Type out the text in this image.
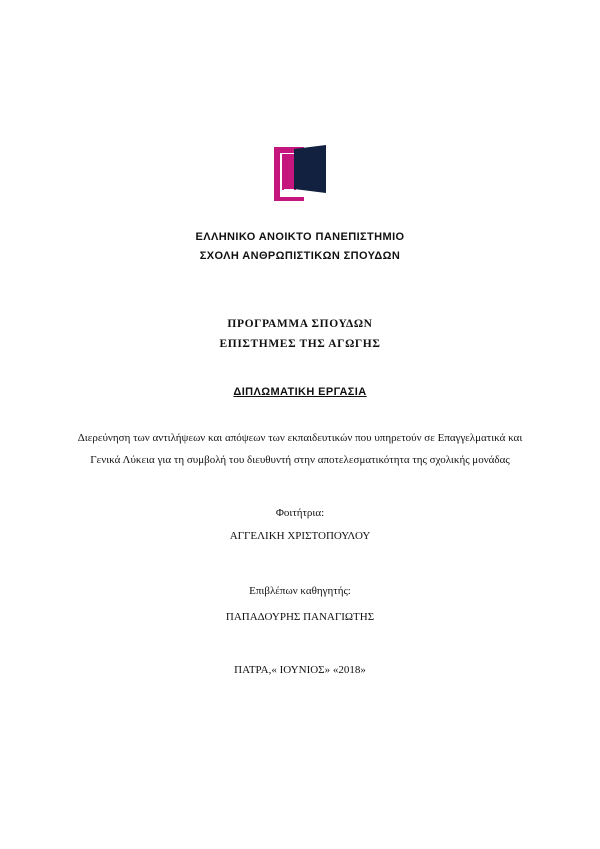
ΕΛΛΗΝΙΚΟ ΑΝΟΙΚΤΟ ΠΑΝΕΠΙΣΤΗΜΙΟ
ΣΧΟΛΗ ΑΝΘΡΩΠΙΣΤΙΚΩΝ ΣΠΟΥΔΩΝ
ΠΡΟΓΡΑΜΜΑ ΣΠΟΥΔΩΝ
ΕΠΙΣΤΗΜΕΣ ΤΗΣ ΑΓΩΓΗΣ
ΔΙΠΛΩΜΑΤΙΚΗ ΕΡΓΑΣΙΑ
Διερεύνηση των αντιλήψεων και απόψεων των εκπαιδευτικών που υπηρετούν σε Επαγγελματικά και
Γενικά Λύκεια για τη συμβολή του διευθυντή στην αποτελεσματικότητα της σχολικής μονάδας
Φοιτήτρια:
ΑΓΓΕΛΙΚΗ ΧΡΙΣΤΟΠΟΥΛΟΥ
Επιβλέπων καθηγητής:
ΠΑΠΑΔΟΥΡΗΣ ΠΑΝΑΓΙΩΤΗΣ
ΠΑΤΡΑ,« ΙΟΥΝΙΟΣ» «2018»
